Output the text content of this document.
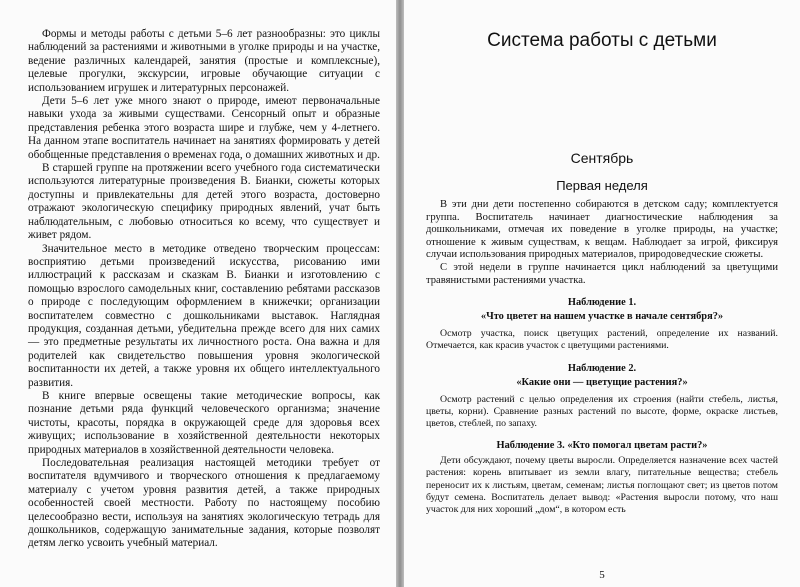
Формы и методы работы с детьми 5–6 лет разнообразны: это циклы наблюдений за растениями и животными в уголке природы и на участке, ведение различных календарей, занятия (простые и комплексные), целевые прогулки, экскурсии, игровые обучающие ситуации с использованием игрушек и литературных персонажей.

Дети 5–6 лет уже много знают о природе, имеют первоначальные навыки ухода за живыми существами. Сенсорный опыт и образные представления ребенка этого возраста шире и глубже, чем у 4-летнего. На данном этапе воспитатель начинает на занятиях формировать у детей обобщенные представления о временах года, о домашних животных и др.

В старшей группе на протяжении всего учебного года систематически используются литературные произведения В. Бианки, сюжеты которых доступны и привлекательны для детей этого возраста, достоверно отражают экологическую специфику природных явлений, учат быть наблюдательным, с любовью относиться ко всему, что существует и живет рядом.

Значительное место в методике отведено творческим процессам: восприятию детьми произведений искусства, рисованию ими иллюстраций к рассказам и сказкам В. Бианки и изготовлению с помощью взрослого самодельных книг, составлению ребятами рассказов о природе с последующим оформлением в книжечки; организации воспитателем совместно с дошкольниками выставок. Наглядная продукция, созданная детьми, убедительна прежде всего для них самих — это предметные результаты их личностного роста. Она важна и для родителей как свидетельство повышения уровня экологической воспитанности их детей, а также уровня их общего интеллектуального развития.

В книге впервые освещены такие методические вопросы, как познание детьми ряда функций человеческого организма; значение чистоты, красоты, порядка в окружающей среде для здоровья всех живущих; использование в хозяйственной деятельности некоторых природных материалов в хозяйственной деятельности человека.

Последовательная реализация настоящей методики требует от воспитателя вдумчивого и творческого отношения к предлагаемому материалу с учетом уровня развития детей, а также природных особенностей своей местности. Работу по настоящему пособию целесообразно вести, используя на занятиях экологическую тетрадь для дошкольников, содержащую занимательные задания, которые позволят детям легко усвоить учебный материал.

Система работы с детьми
Сентябрь
Первая неделя

В эти дни дети постепенно собираются в детском саду; комплектуется группа. Воспитатель начинает диагностические наблюдения за дошкольниками, отмечая их поведение в уголке природы, на участке; отношение к живым существам, к вещам. Наблюдает за игрой, фиксируя случаи использования природных материалов, природоведческие сюжеты.

С этой недели в группе начинается цикл наблюдений за цветущими травянистыми растениями участка.

Наблюдение 1.
«Что цветет на нашем участке в начале сентября?»

Осмотр участка, поиск цветущих растений, определение их названий. Отмечается, как красив участок с цветущими растениями.

Наблюдение 2.
«Какие они — цветущие растения?»

Осмотр растений с целью определения их строения (найти стебель, листья, цветы, корни). Сравнение разных растений по высоте, форме, окраске листьев, цветов, стеблей, по запаху.

Наблюдение 3. «Кто помогал цветам расти?»

Дети обсуждают, почему цветы выросли. Определяется назначение всех частей растения: корень впитывает из земли влагу, питательные вещества; стебель переносит их к листьям, цветам, семенам; листья поглощают свет; из цветов потом будут семена. Воспитатель делает вывод: «Растения выросли потому, что наш участок для них хороший „дом“, в котором есть

5
